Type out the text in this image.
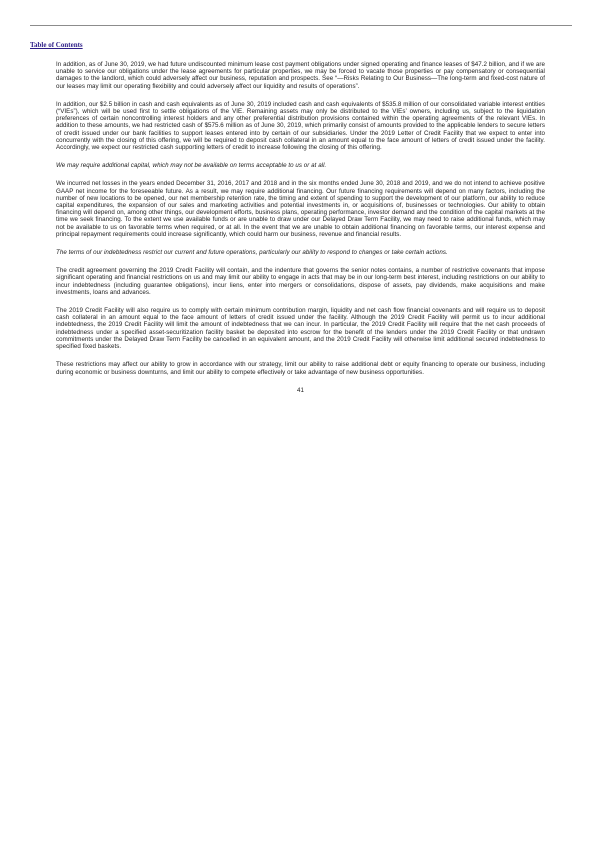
Table of Contents

In addition, as of June 30, 2019, we had future undiscounted minimum lease cost payment obligations under signed operating and finance leases of $47.2 billion, and if we are unable to service our obligations under the lease agreements for particular properties, we may be forced to vacate those properties or pay compensatory or consequential damages to the landlord, which could adversely affect our business, reputation and prospects. See “—Risks Relating to Our Business—The long-term and fixed-cost nature of our leases may limit our operating flexibility and could adversely affect our liquidity and results of operations”.

In addition, our $2.5 billion in cash and cash equivalents as of June 30, 2019 included cash and cash equivalents of $535.8 million of our consolidated variable interest entities (“VIEs”), which will be used first to settle obligations of the VIE. Remaining assets may only be distributed to the VIEs’ owners, including us, subject to the liquidation preferences of certain noncontrolling interest holders and any other preferential distribution provisions contained within the operating agreements of the relevant VIEs. In addition to these amounts, we had restricted cash of $575.6 million as of June 30, 2019, which primarily consist of amounts provided to the applicable lenders to secure letters of credit issued under our bank facilities to support leases entered into by certain of our subsidiaries. Under the 2019 Letter of Credit Facility that we expect to enter into concurrently with the closing of this offering, we will be required to deposit cash collateral in an amount equal to the face amount of letters of credit issued under the facility. Accordingly, we expect our restricted cash supporting letters of credit to increase following the closing of this offering.

We may require additional capital, which may not be available on terms acceptable to us or at all.

We incurred net losses in the years ended December 31, 2016, 2017 and 2018 and in the six months ended June 30, 2018 and 2019, and we do not intend to achieve positive GAAP net income for the foreseeable future. As a result, we may require additional financing. Our future financing requirements will depend on many factors, including the number of new locations to be opened, our net membership retention rate, the timing and extent of spending to support the development of our platform, our ability to reduce capital expenditures, the expansion of our sales and marketing activities and potential investments in, or acquisitions of, businesses or technologies. Our ability to obtain financing will depend on, among other things, our development efforts, business plans, operating performance, investor demand and the condition of the capital markets at the time we seek financing. To the extent we use available funds or are unable to draw under our Delayed Draw Term Facility, we may need to raise additional funds, which may not be available to us on favorable terms when required, or at all. In the event that we are unable to obtain additional financing on favorable terms, our interest expense and principal repayment requirements could increase significantly, which could harm our business, revenue and financial results.

The terms of our indebtedness restrict our current and future operations, particularly our ability to respond to changes or take certain actions.

The credit agreement governing the 2019 Credit Facility will contain, and the indenture that governs the senior notes contains, a number of restrictive covenants that impose significant operating and financial restrictions on us and may limit our ability to engage in acts that may be in our long-term best interest, including restrictions on our ability to incur indebtedness (including guarantee obligations), incur liens, enter into mergers or consolidations, dispose of assets, pay dividends, make acquisitions and make investments, loans and advances.

The 2019 Credit Facility will also require us to comply with certain minimum contribution margin, liquidity and net cash flow financial covenants and will require us to deposit cash collateral in an amount equal to the face amount of letters of credit issued under the facility. Although the 2019 Credit Facility will permit us to incur additional indebtedness, the 2019 Credit Facility will limit the amount of indebtedness that we can incur. In particular, the 2019 Credit Facility will require that the net cash proceeds of indebtedness under a specified asset-securitization facility basket be deposited into escrow for the benefit of the lenders under the 2019 Credit Facility or that undrawn commitments under the Delayed Draw Term Facility be cancelled in an equivalent amount, and the 2019 Credit Facility will otherwise limit additional secured indebtedness to specified fixed baskets.

These restrictions may affect our ability to grow in accordance with our strategy, limit our ability to raise additional debt or equity financing to operate our business, including during economic or business downturns, and limit our ability to compete effectively or take advantage of new business opportunities.

41
